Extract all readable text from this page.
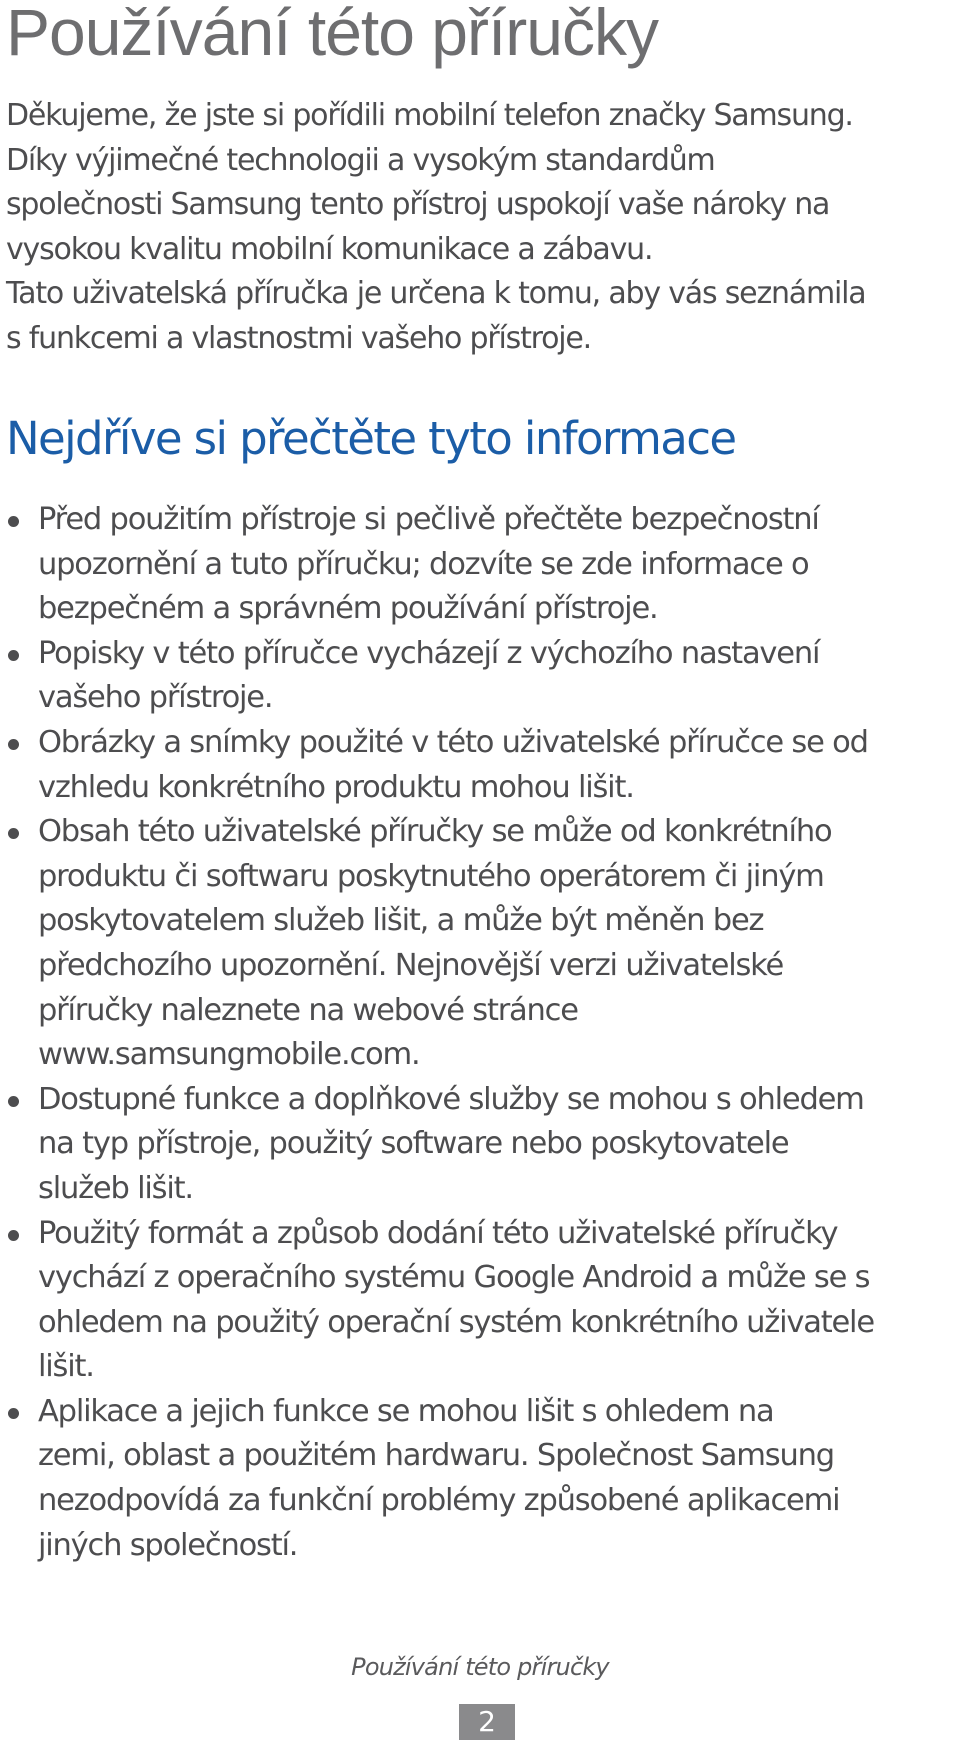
Používání této příručky

Děkujeme, že jste si pořídili mobilní telefon značky Samsung.
Díky výjimečné technologii a vysokým standardům
společnosti Samsung tento přístroj uspokojí vaše nároky na
vysokou kvalitu mobilní komunikace a zábavu.

Tato uživatelská příručka je určena k tomu, aby vás seznámila
s funkcemi a vlastnostmi vašeho přístroje.

Nejdříve si přečtěte tyto informace
Před použitím přístroje si pečlivě přečtěte bezpečnostní
upozornění a tuto příručku; dozvíte se zde informace o
bezpečném a správném používání přístroje.
Popisky v této příručce vycházejí z výchozího nastavení
vašeho přístroje.
Obrázky a snímky použité v této uživatelské příručce se od
vzhledu konkrétního produktu mohou lišit.
Obsah této uživatelské příručky se může od konkrétního
produktu či softwaru poskytnutého operátorem či jiným
poskytovatelem služeb lišit, a může být měněn bez
předchozího upozornění. Nejnovější verzi uživatelské
příručky naleznete na webové stránce
www.samsungmobile.com.
Dostupné funkce a doplňkové služby se mohou s ohledem
na typ přístroje, použitý software nebo poskytovatele
služeb lišit.
Použitý formát a způsob dodání této uživatelské příručky
vychází z operačního systému Google Android a může se s
ohledem na použitý operační systém konkrétního uživatele
lišit.
Aplikace a jejich funkce se mohou lišit s ohledem na
zemi, oblast a použitém hardwaru. Společnost Samsung
nezodpovídá za funkční problémy způsobené aplikacemi
jiných společností.
Používání této příručky
2
